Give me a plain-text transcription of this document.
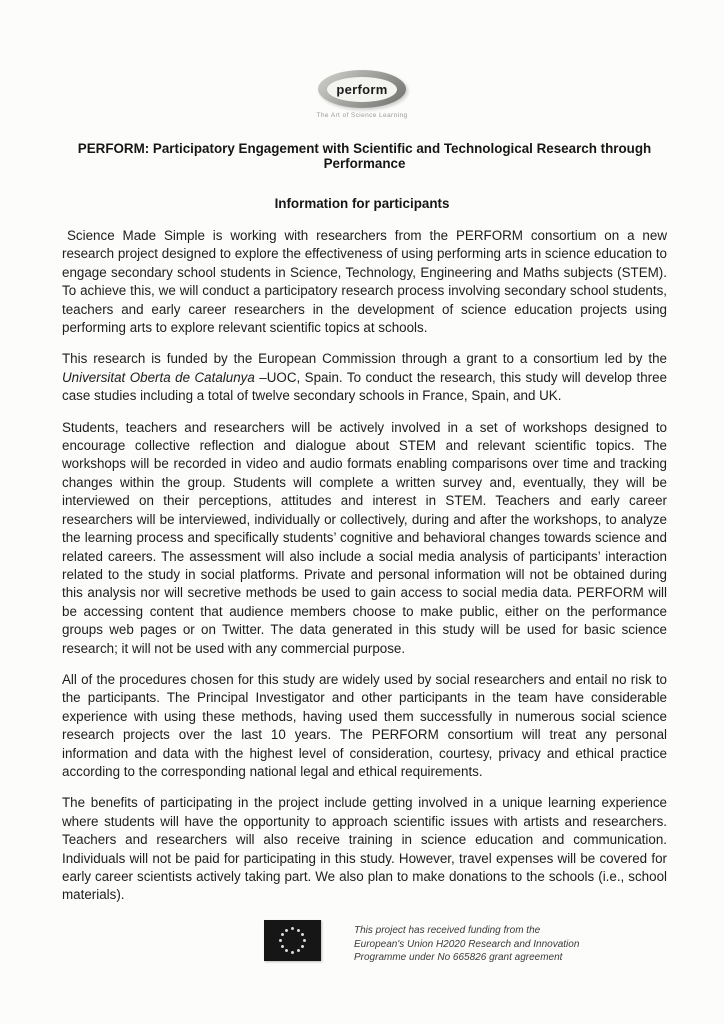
perform
The Art of Science Learning
PERFORM: Participatory Engagement with Scientific and Technological Research through Performance
Information for participants

Science Made Simple is working with researchers from the PERFORM consortium on a new research project designed to explore the effectiveness of using performing arts in science education to engage secondary school students in Science, Technology, Engineering and Maths subjects (STEM). To achieve this, we will conduct a participatory research process involving secondary school students, teachers and early career researchers in the development of science education projects using performing arts to explore relevant scientific topics at schools.

This research is funded by the European Commission through a grant to a consortium led by the Universitat Oberta de Catalunya –UOC, Spain. To conduct the research, this study will develop three case studies including a total of twelve secondary schools in France, Spain, and UK.

Students, teachers and researchers will be actively involved in a set of workshops designed to encourage collective reflection and dialogue about STEM and relevant scientific topics. The workshops will be recorded in video and audio formats enabling comparisons over time and tracking changes within the group. Students will complete a written survey and, eventually, they will be interviewed on their perceptions, attitudes and interest in STEM. Teachers and early career researchers will be interviewed, individually or collectively, during and after the workshops, to analyze the learning process and specifically students’ cognitive and behavioral changes towards science and related careers. The assessment will also include a social media analysis of participants’ interaction related to the study in social platforms. Private and personal information will not be obtained during this analysis nor will secretive methods be used to gain access to social media data. PERFORM will be accessing content that audience members choose to make public, either on the performance groups web pages or on Twitter. The data generated in this study will be used for basic science research; it will not be used with any commercial purpose.

All of the procedures chosen for this study are widely used by social researchers and entail no risk to the participants. The Principal Investigator and other participants in the team have considerable experience with using these methods, having used them successfully in numerous social science research projects over the last 10 years. The PERFORM consortium will treat any personal information and data with the highest level of consideration, courtesy, privacy and ethical practice according to the corresponding national legal and ethical requirements.

The benefits of participating in the project include getting involved in a unique learning experience where students will have the opportunity to approach scientific issues with artists and researchers. Teachers and researchers will also receive training in science education and communication. Individuals will not be paid for participating in this study. However, travel expenses will be covered for early career scientists actively taking part. We also plan to make donations to the schools (i.e., school materials).

This project has received funding from the
European's Union H2020 Research and Innovation
Programme under No 665826 grant agreement
